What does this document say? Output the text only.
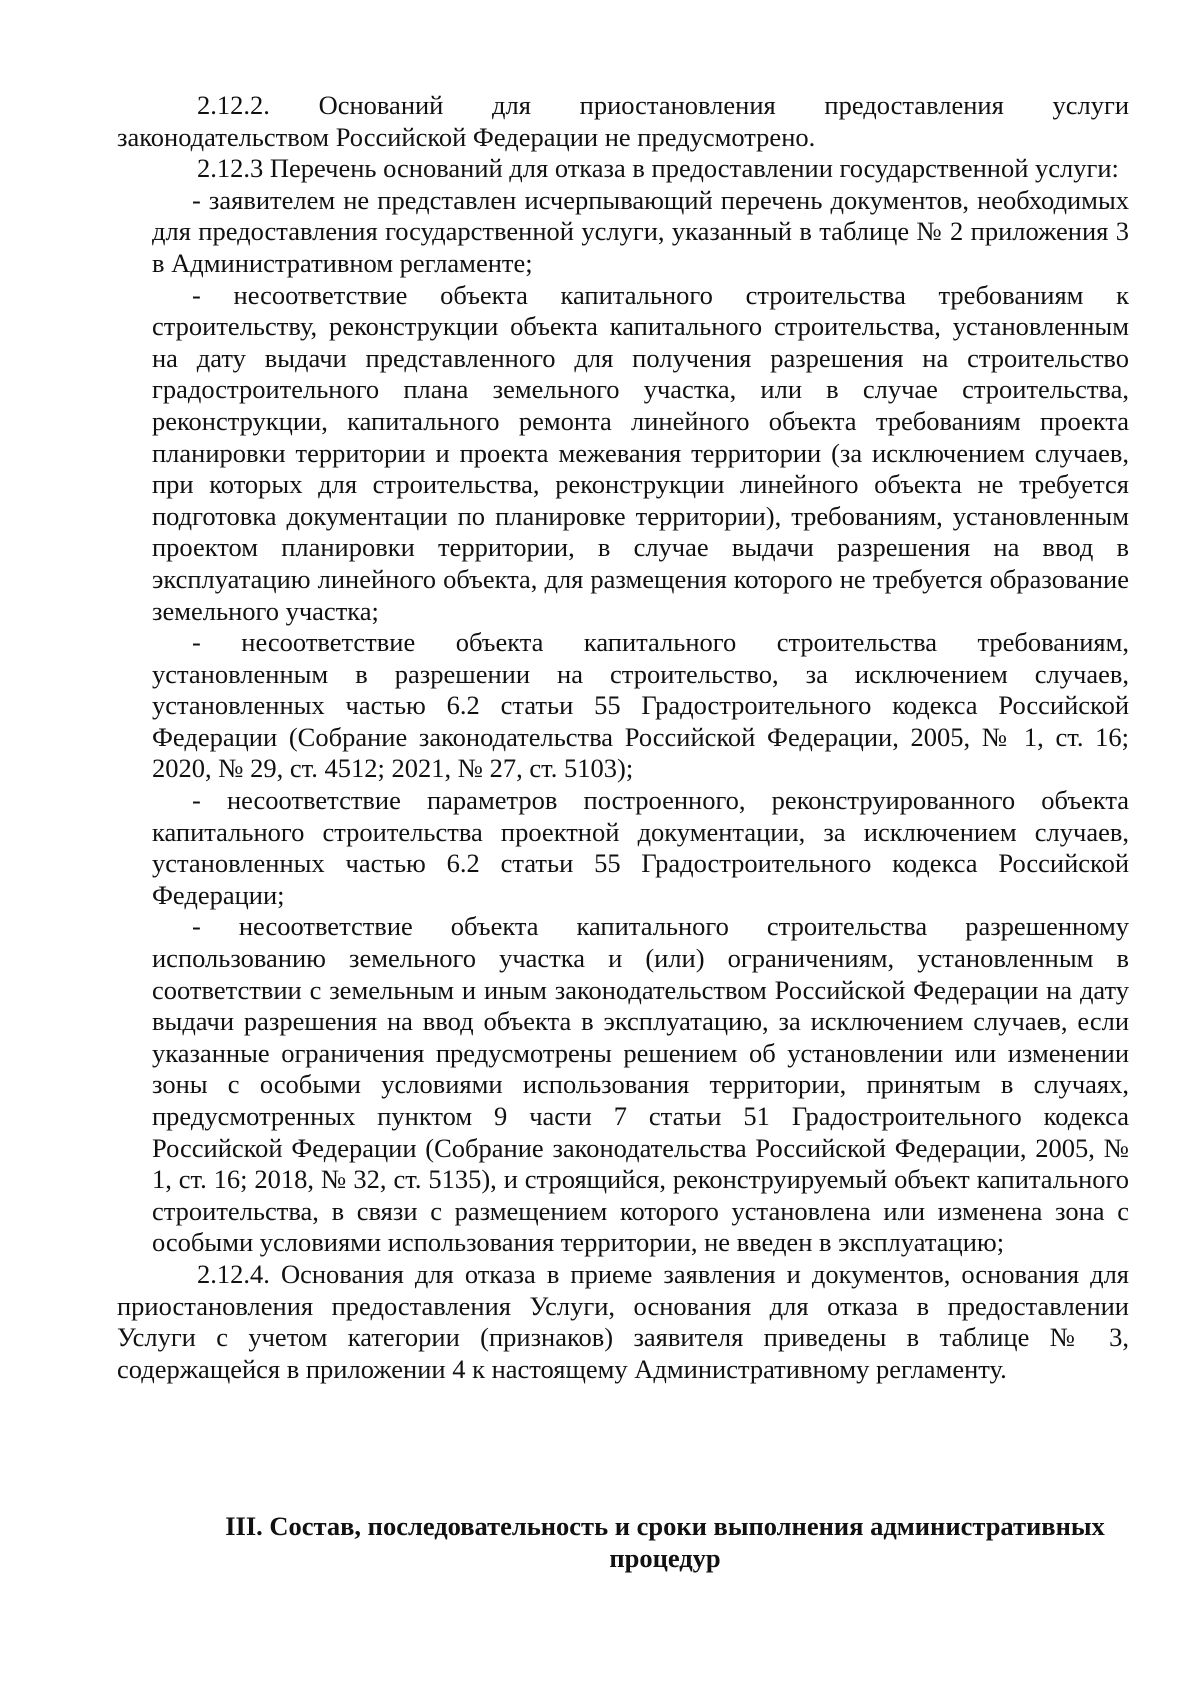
2.12.2. Оснований для приостановления предоставления услуги законодательством Российской Федерации не предусмотрено.

2.12.3 Перечень оснований для отказа в предоставлении государственной услуги:

- заявителем не представлен исчерпывающий перечень документов, необходимых для предоставления государственной услуги, указанный в таблице № 2 приложения 3 в Административном регламенте;

- несоответствие объекта капитального строительства требованиям к строительству, реконструкции объекта капитального строительства, установленным на дату выдачи представленного для получения разрешения на строительство градостроительного плана земельного участка, или в случае строительства, реконструкции, капитального ремонта линейного объекта требованиям проекта планировки территории и проекта межевания территории (за исключением случаев, при которых для строительства, реконструкции линейного объекта не требуется подготовка документации по планировке территории), требованиям, установленным проектом планировки территории, в случае выдачи разрешения на ввод в эксплуатацию линейного объекта, для размещения которого не требуется образование земельного участка;

- несоответствие объекта капитального строительства требованиям, установленным в разрешении на строительство, за исключением случаев, установленных частью 6.2 статьи 55 Градостроительного кодекса Российской Федерации (Собрание законодательства Российской Федерации, 2005, № 1, ст. 16; 2020, № 29, ст. 4512; 2021, № 27, ст. 5103);

- несоответствие параметров построенного, реконструированного объекта капитального строительства проектной документации, за исключением случаев, установленных частью 6.2 статьи 55 Градостроительного кодекса Российской Федерации;

- несоответствие объекта капитального строительства разрешенному использованию земельного участка и (или) ограничениям, установленным в соответствии с земельным и иным законодательством Российской Федерации на дату выдачи разрешения на ввод объекта в эксплуатацию, за исключением случаев, если указанные ограничения предусмотрены решением об установлении или изменении зоны с особыми условиями использования территории, принятым в случаях, предусмотренных пунктом 9 части 7 статьи 51 Градостроительного кодекса Российской Федерации (Собрание законодательства Российской Федерации, 2005, № 1, ст. 16; 2018, № 32, ст. 5135), и строящийся, реконструируемый объект капитального строительства, в связи с размещением которого установлена или изменена зона с особыми условиями использования территории, не введен в эксплуатацию;

2.12.4. Основания для отказа в приеме заявления и документов, основания для приостановления предоставления Услуги, основания для отказа в предоставлении Услуги с учетом категории (признаков) заявителя приведены в таблице № 3, содержащейся в приложении 4 к настоящему Административному регламенту.

III. Состав, последовательность и сроки выполнения административных
процедур
